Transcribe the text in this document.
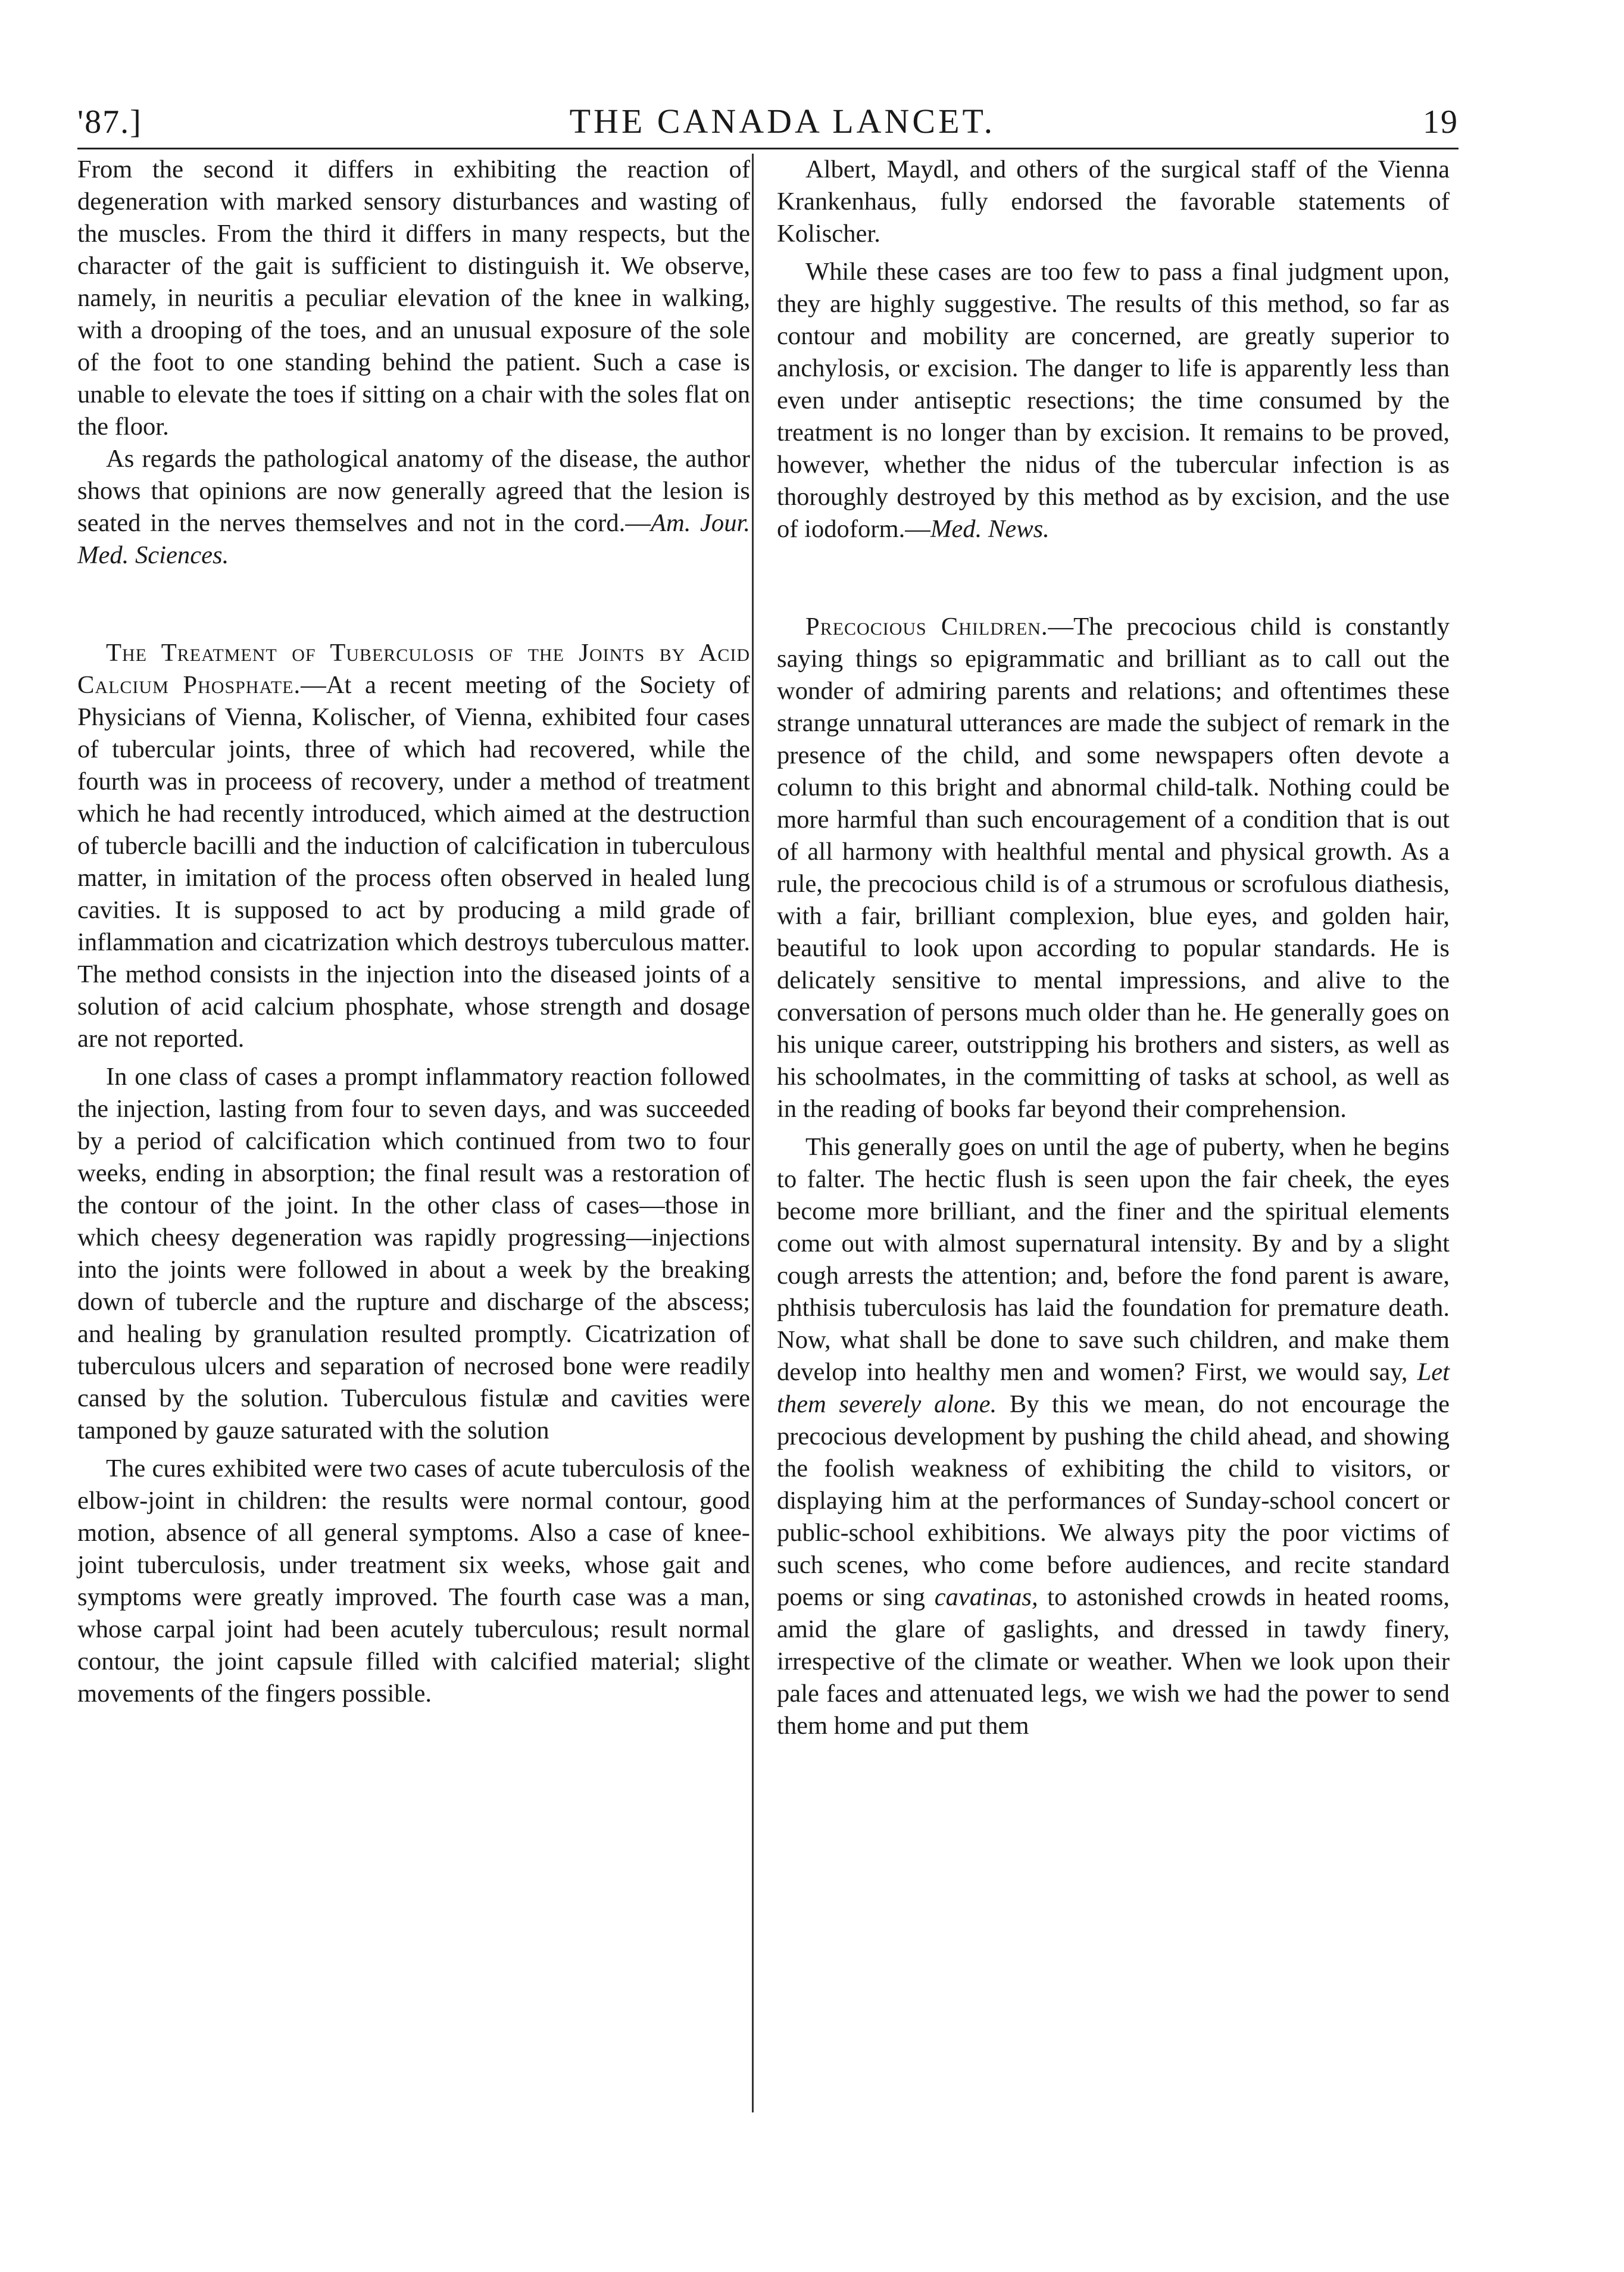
'87.]	THE CANADA LANCET.	19

From the second it differs in exhibiting the reaction of degeneration with marked sensory disturbances and wasting of the muscles. From the third it differs in many respects, but the character of the gait is sufficient to distinguish it. We observe, namely, in neuritis a peculiar elevation of the knee in walking, with a drooping of the toes, and an unusual exposure of the sole of the foot to one standing behind the patient. Such a case is unable to elevate the toes if sitting on a chair with the soles flat on the floor.

As regards the pathological anatomy of the disease, the author shows that opinions are now generally agreed that the lesion is seated in the nerves themselves and not in the cord.—Am. Jour. Med. Sciences.

The Treatment of Tuberculosis of the Joints by Acid Calcium Phosphate.—At a recent meeting of the Society of Physicians of Vienna, Kolischer, of Vienna, exhibited four cases of tubercular joints, three of which had recovered, while the fourth was in proceess of recovery, under a method of treatment which he had recently introduced, which aimed at the destruction of tubercle bacilli and the induction of calcification in tuberculous matter, in imitation of the process often observed in healed lung cavities. It is supposed to act by producing a mild grade of inflammation and cicatrization which destroys tuberculous matter. The method consists in the injection into the diseased joints of a solution of acid calcium phosphate, whose strength and dosage are not reported.

In one class of cases a prompt inflammatory reaction followed the injection, lasting from four to seven days, and was succeeded by a period of calcification which continued from two to four weeks, ending in absorption; the final result was a restoration of the contour of the joint. In the other class of cases—those in which cheesy degeneration was rapidly progressing—injections into the joints were followed in about a week by the breaking down of tubercle and the rupture and discharge of the abscess; and healing by granulation resulted promptly. Cicatrization of tuberculous ulcers and separation of necrosed bone were readily cansed by the solution. Tuberculous fistulæ and cavities were tamponed by gauze saturated with the solution

The cures exhibited were two cases of acute tuberculosis of the elbow-joint in children: the results were normal contour, good motion, absence of all general symptoms. Also a case of knee-joint tuberculosis, under treatment six weeks, whose gait and symptoms were greatly improved. The fourth case was a man, whose carpal joint had been acutely tuberculous; result normal contour, the joint capsule filled with calcified material; slight movements of the fingers possible.

Albert, Maydl, and others of the surgical staff of the Vienna Krankenhaus, fully endorsed the favorable statements of Kolischer.

While these cases are too few to pass a final judgment upon, they are highly suggestive. The results of this method, so far as contour and mobility are concerned, are greatly superior to anchylosis, or excision. The danger to life is apparently less than even under antiseptic resections; the time consumed by the treatment is no longer than by excision. It remains to be proved, however, whether the nidus of the tubercular infection is as thoroughly destroyed by this method as by excision, and the use of iodoform.—Med. News.

Precocious Children.—The precocious child is constantly saying things so epigrammatic and brilliant as to call out the wonder of admiring parents and relations; and oftentimes these strange unnatural utterances are made the subject of remark in the presence of the child, and some newspapers often devote a column to this bright and abnormal child-talk. Nothing could be more harmful than such encouragement of a condition that is out of all harmony with healthful mental and physical growth. As a rule, the precocious child is of a strumous or scrofulous diathesis, with a fair, brilliant complexion, blue eyes, and golden hair, beautiful to look upon according to popular standards. He is delicately sensitive to mental impressions, and alive to the conversation of persons much older than he. He generally goes on his unique career, outstripping his brothers and sisters, as well as his schoolmates, in the committing of tasks at school, as well as in the reading of books far beyond their comprehension.

This generally goes on until the age of puberty, when he begins to falter. The hectic flush is seen upon the fair cheek, the eyes become more brilliant, and the finer and the spiritual elements come out with almost supernatural intensity. By and by a slight cough arrests the attention; and, before the fond parent is aware, phthisis tuberculosis has laid the foundation for premature death. Now, what shall be done to save such children, and make them develop into healthy men and women? First, we would say, Let them severely alone. By this we mean, do not encourage the precocious development by pushing the child ahead, and showing the foolish weakness of exhibiting the child to visitors, or displaying him at the performances of Sunday-school concert or public-school exhibitions. We always pity the poor victims of such scenes, who come before audiences, and recite standard poems or sing cavatinas, to astonished crowds in heated rooms, amid the glare of gaslights, and dressed in tawdy finery, irrespective of the climate or weather. When we look upon their pale faces and attenuated legs, we wish we had the power to send them home and put them
